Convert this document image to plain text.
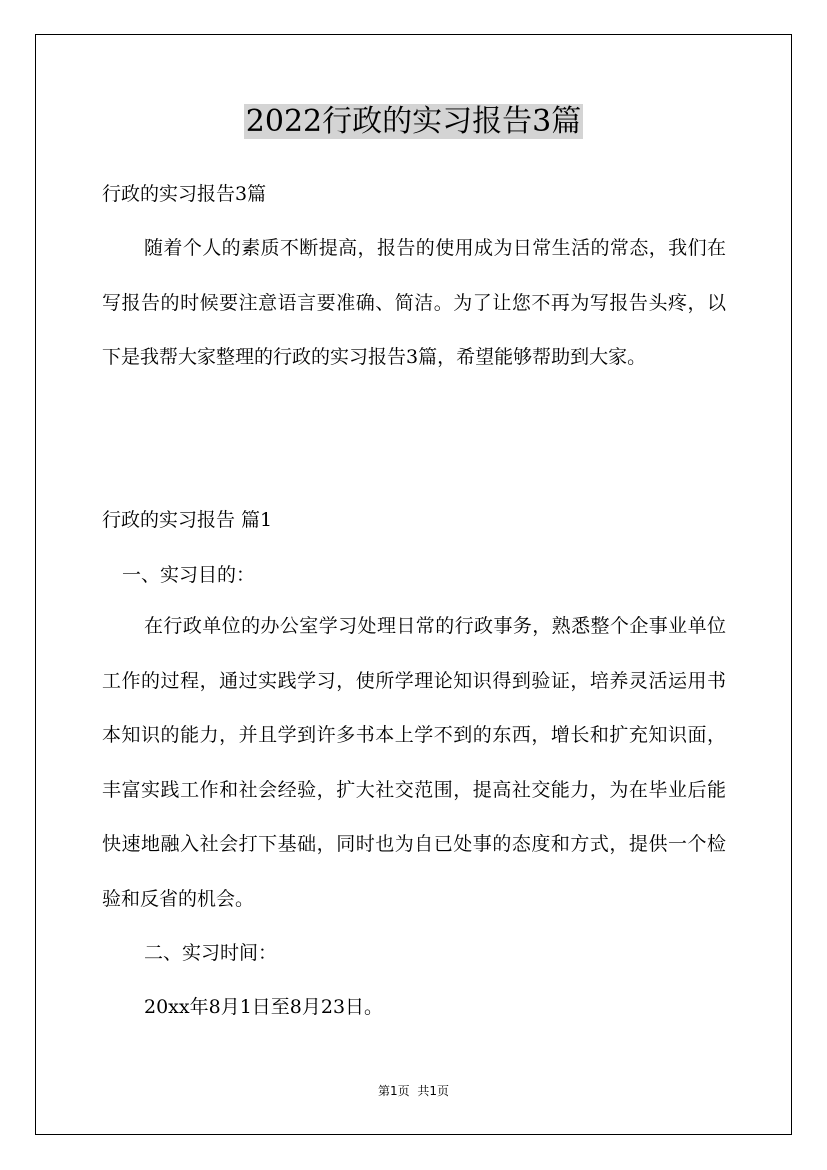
2022行政的实习报告3篇
行政的实习报告3篇
随着个人的素质不断提高，报告的使用成为日常生活的常态，我们在写报告的时候要注意语言要准确、简洁。为了让您不再为写报告头疼，以下是我帮大家整理的行政的实习报告3篇，希望能够帮助到大家。
行政的实习报告 篇1
一、实习目的：
在行政单位的办公室学习处理日常的行政事务，熟悉整个企事业单位工作的过程，通过实践学习，使所学理论知识得到验证，培养灵活运用书本知识的能力，并且学到许多书本上学不到的东西，增长和扩充知识面，丰富实践工作和社会经验，扩大社交范围，提高社交能力，为在毕业后能快速地融入社会打下基础，同时也为自已处事的态度和方式，提供一个检验和反省的机会。
二、实习时间：
20xx年8月1日至8月23日。
第1页 共1页
